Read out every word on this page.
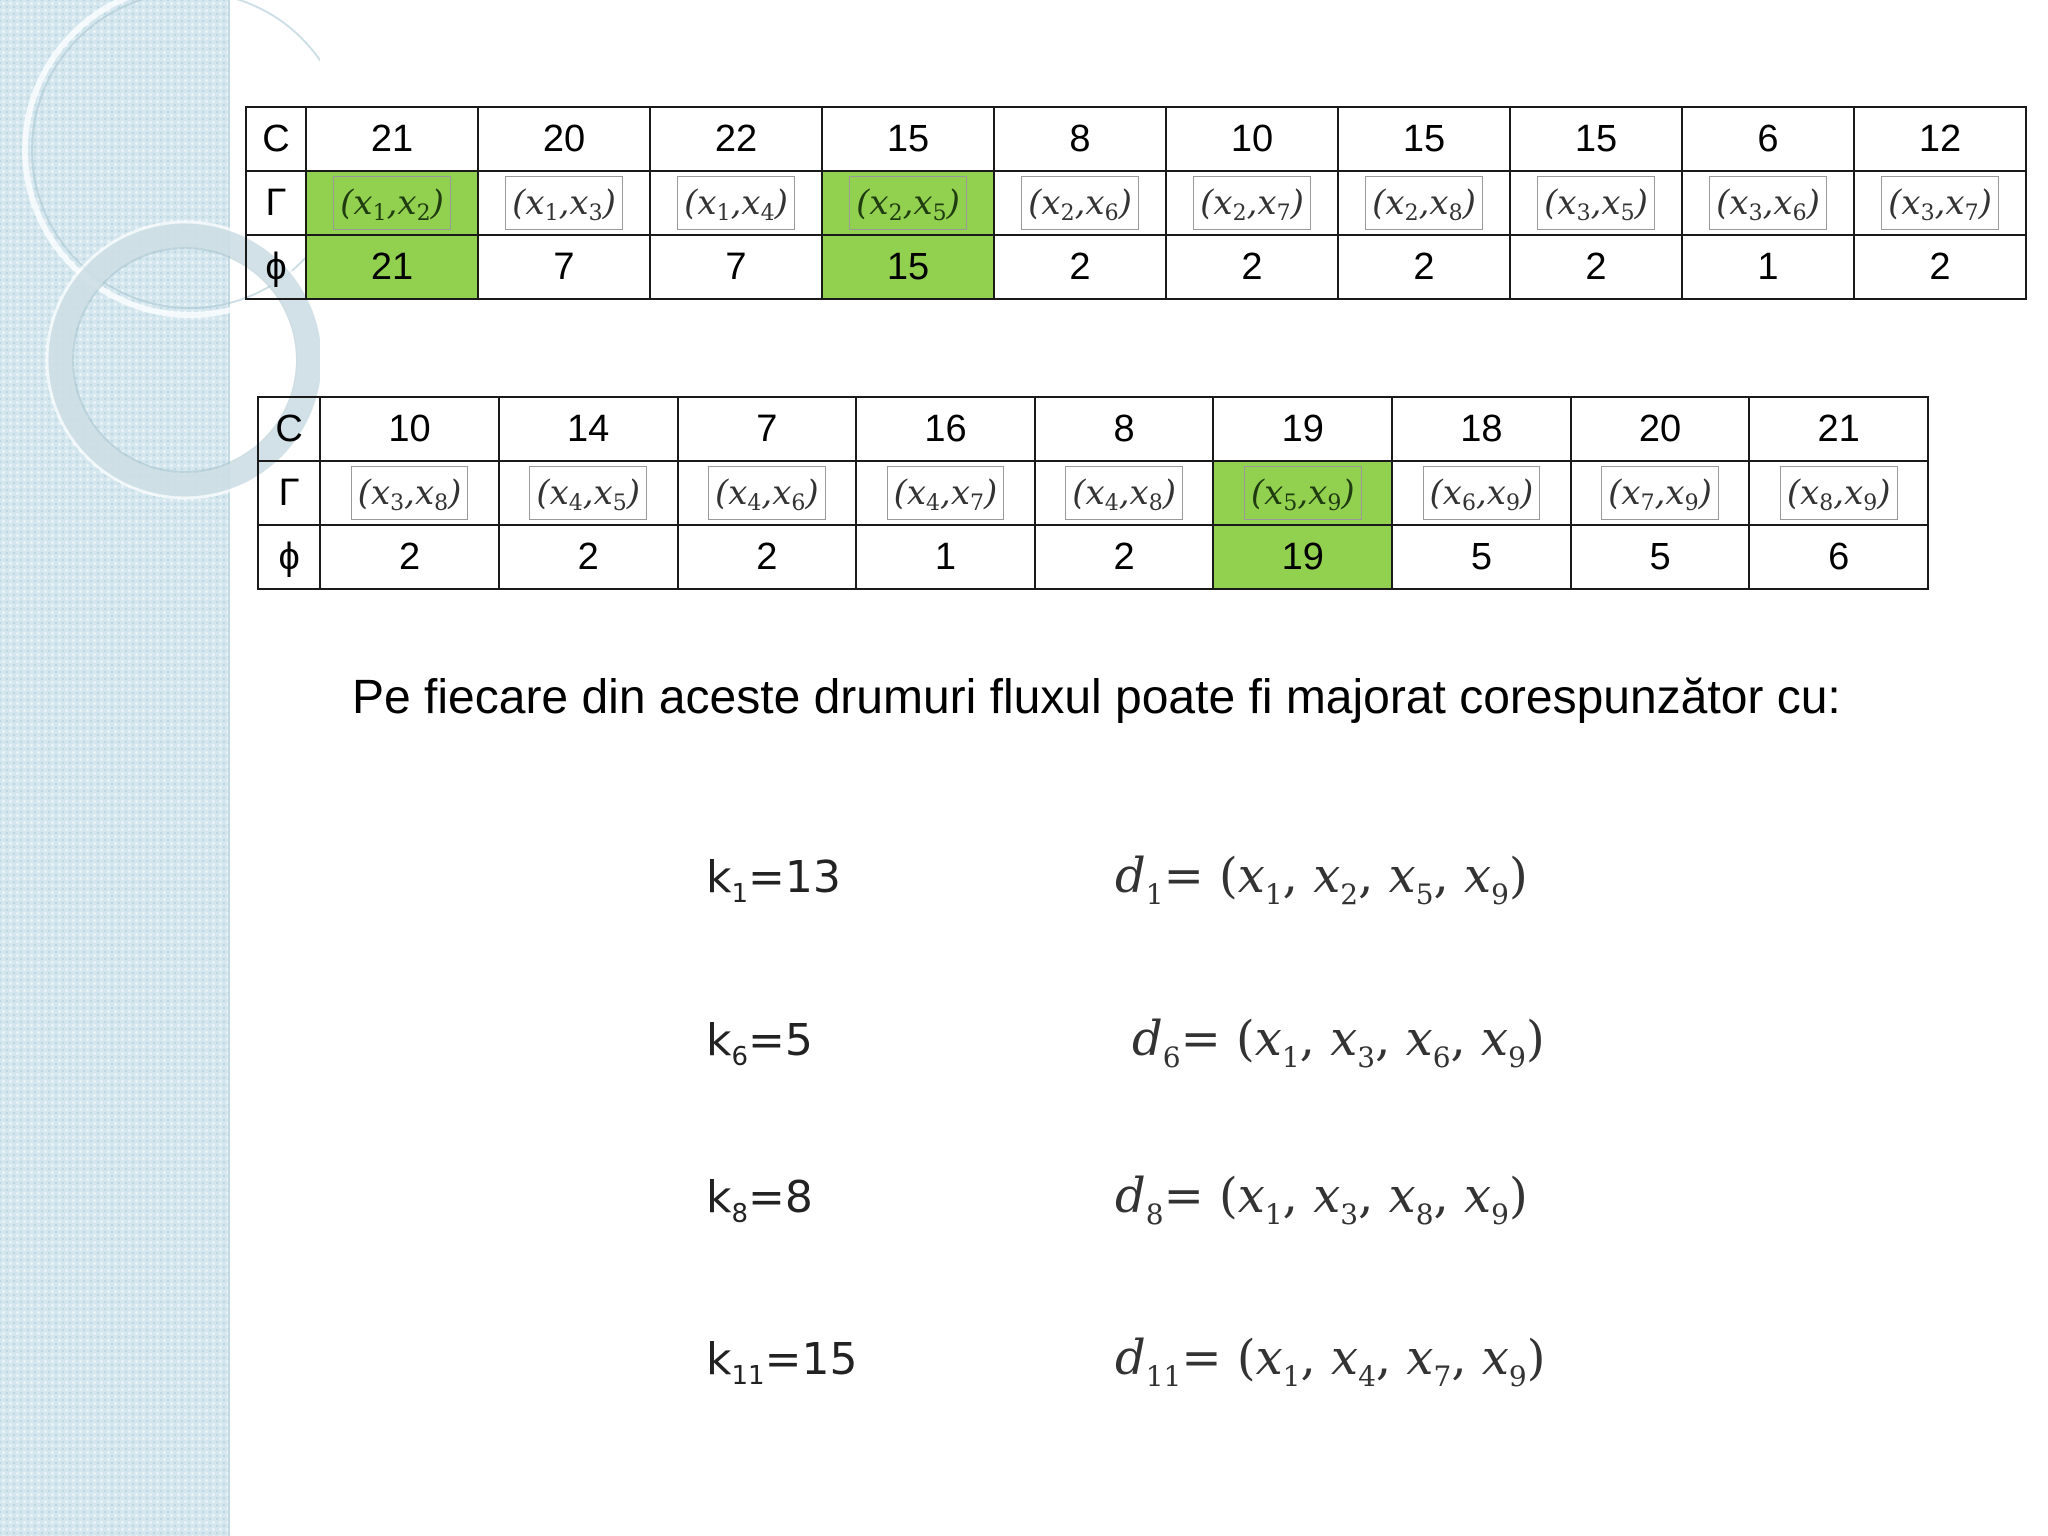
C	21	20	22	15	8	10	15	15	6	12
Γ	$(x_1,x_2)$	$(x_1,x_3)$	$(x_1,x_4)$	$(x_2,x_5)$	$(x_2,x_6)$	$(x_2,x_7)$	$(x_2,x_8)$	$(x_3,x_5)$	$(x_3,x_6)$	$(x_3,x_7)$
ϕ	21	7	7	15	2	2	2	2	1	2
C	10	14	7	16	8	19	18	20	21
Γ	$(x_3,x_8)$	$(x_4,x_5)$	$(x_4,x_6)$	$(x_4,x_7)$	$(x_4,x_8)$	$(x_5,x_9)$	$(x_6,x_9)$	$(x_7,x_9)$	$(x_8,x_9)$
ϕ	2	2	2	1	2	19	5	5	6
Pe fiecare din aceste drumuri fluxul poate fi majorat corespunzător cu:
$k_1=13$	$d_1= (x_1$, $x_2$, $x_5$, $x_9$)
$k_6=5$	$d_6= (x_1$, $x_3$, $x_6$, $x_9$)
$k_8=8$	$d_8= (x_1$, $x_3$, $x_8$, $x_9$)
$k_{11}=15$	$d_{11}= (x_1$, $x_4$, $x_7$, $x_9$)
